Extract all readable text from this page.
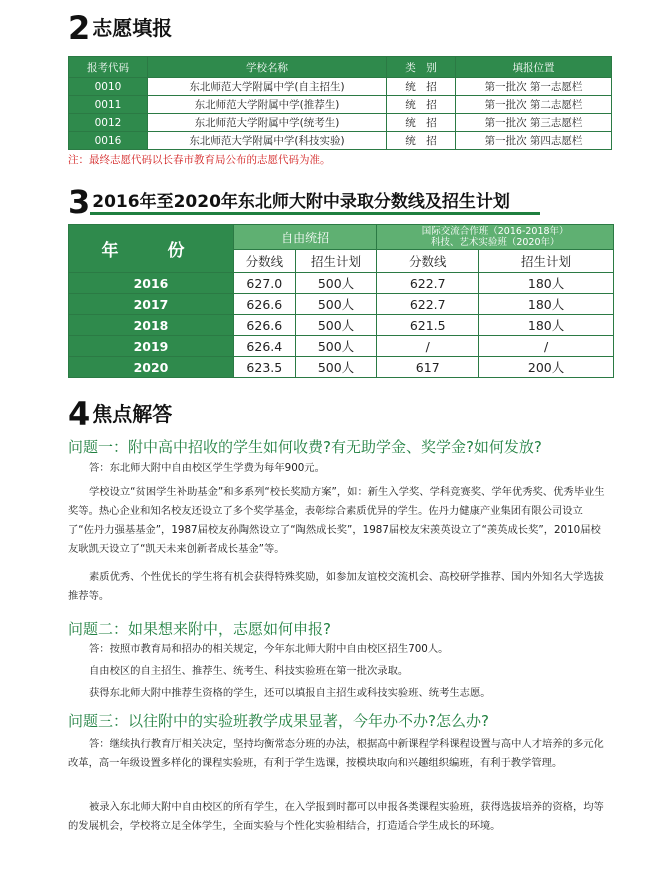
2 志愿填报
报考代码	学校名称	类　别	填报位置
0010	东北师范大学附属中学(自主招生)	统　招	第一批次 第一志愿栏
0011	东北师范大学附属中学(推荐生)	统　招	第一批次 第二志愿栏
0012	东北师范大学附属中学(统考生)	统　招	第一批次 第三志愿栏
0016	东北师范大学附属中学(科技实验)	统　招	第一批次 第四志愿栏
注：最终志愿代码以长春市教育局公布的志愿代码为准。
3 2016年至2020年东北师大附中录取分数线及招生计划
年　份	自由统招		国际交流合作班（2016-2018年）
科技、艺术实验班（2020年）	

	分数线	招生计划	分数线	招生计划
2016	627.0	500人	622.7	180人
2017	626.6	500人	622.7	180人
2018	626.6	500人	621.5	180人
2019	626.4	500人	/	/
2020	623.5	500人	617	200人
4 焦点解答
问题一：附中高中招收的学生如何收费?有无助学金、奖学金?如何发放?

答：东北师大附中自由校区学生学费为每年900元。

学校设立“贫困学生补助基金”和多系列“校长奖励方案”，如：新生入学奖、学科竞赛奖、学年优秀奖、优秀毕业生奖等。热心企业和知名校友还设立了多个奖学基金，表彰综合素质优异的学生。佐丹力健康产业集团有限公司设立了“佐丹力强基基金”，1987届校友孙陶然设立了“陶然成长奖”，1987届校友宋羡英设立了“羡英成长奖”，2010届校友耿凯天设立了“凯天未来创新者成长基金”等。

素质优秀、个性优长的学生将有机会获得特殊奖励，如参加友谊校交流机会、高校研学推荐、国内外知名大学选拔推荐等。

问题二：如果想来附中，志愿如何申报?

答：按照市教育局和招办的相关规定，今年东北师大附中自由校区招生700人。

自由校区的自主招生、推荐生、统考生、科技实验班在第一批次录取。

获得东北师大附中推荐生资格的学生，还可以填报自主招生或科技实验班、统考生志愿。

问题三：以往附中的实验班教学成果显著，今年办不办?怎么办?

答：继续执行教育厅相关决定，坚持均衡常态分班的办法，根据高中新课程学科课程设置与高中人才培养的多元化改革，高一年级设置多样化的课程实验班，有利于学生选课，按模块取向和兴趣组织编班，有利于教学管理。

被录入东北师大附中自由校区的所有学生，在入学报到时都可以申报各类课程实验班，获得选拔培养的资格，均等的发展机会，学校将立足全体学生，全面实验与个性化实验相结合，打造适合学生成长的环境。
